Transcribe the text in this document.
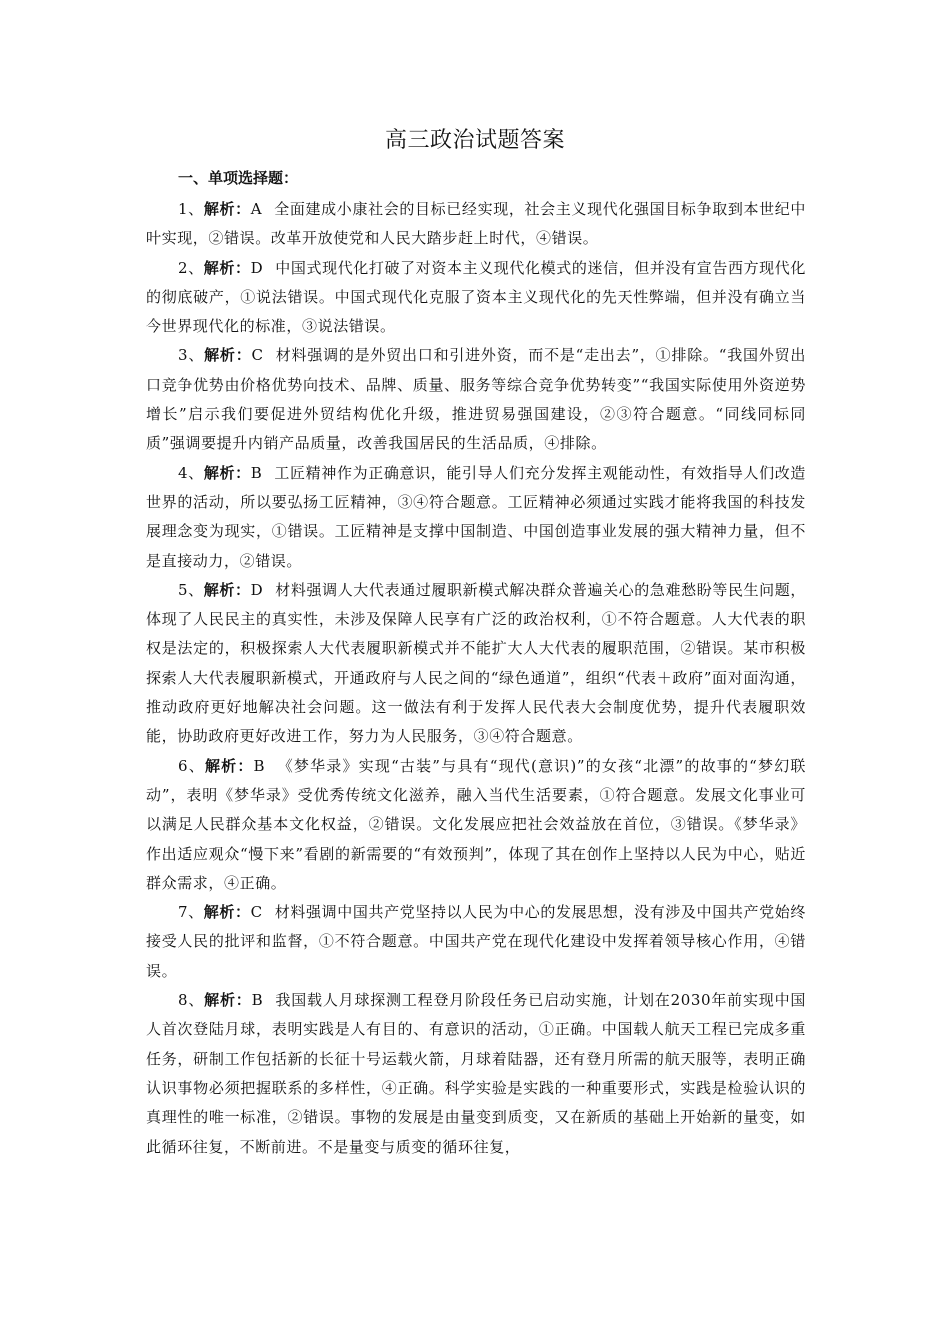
高三政治试题答案
一、单项选择题：

1、解析：A 全面建成小康社会的目标已经实现，社会主义现代化强国目标争取到本世纪中叶实现，②错误。改革开放使党和人民大踏步赶上时代，④错误。

2、解析：D 中国式现代化打破了对资本主义现代化模式的迷信，但并没有宣告西方现代化的彻底破产，①说法错误。中国式现代化克服了资本主义现代化的先天性弊端，但并没有确立当今世界现代化的标准，③说法错误。

3、解析：C 材料强调的是外贸出口和引进外资，而不是“走出去”，①排除。“我国外贸出口竞争优势由价格优势向技术、品牌、质量、服务等综合竞争优势转变”“我国实际使用外资逆势增长”启示我们要促进外贸结构优化升级，推进贸易强国建设，②③符合题意。“同线同标同质”强调要提升内销产品质量，改善我国居民的生活品质，④排除。

4、解析：B 工匠精神作为正确意识，能引导人们充分发挥主观能动性，有效指导人们改造世界的活动，所以要弘扬工匠精神，③④符合题意。工匠精神必须通过实践才能将我国的科技发展理念变为现实，①错误。工匠精神是支撑中国制造、中国创造事业发展的强大精神力量，但不是直接动力，②错误。

5、解析：D 材料强调人大代表通过履职新模式解决群众普遍关心的急难愁盼等民生问题，体现了人民民主的真实性，未涉及保障人民享有广泛的政治权利，①不符合题意。人大代表的职权是法定的，积极探索人大代表履职新模式并不能扩大人大代表的履职范围，②错误。某市积极探索人大代表履职新模式，开通政府与人民之间的“绿色通道”，组织“代表＋政府”面对面沟通，推动政府更好地解决社会问题。这一做法有利于发挥人民代表大会制度优势，提升代表履职效能，协助政府更好改进工作，努力为人民服务，③④符合题意。

6、解析：B 《梦华录》实现“古装”与具有“现代(意识)”的女孩“北漂”的故事的“梦幻联动”，表明《梦华录》受优秀传统文化滋养，融入当代生活要素，①符合题意。发展文化事业可以满足人民群众基本文化权益，②错误。文化发展应把社会效益放在首位，③错误。《梦华录》作出适应观众“慢下来”看剧的新需要的“有效预判”，体现了其在创作上坚持以人民为中心，贴近群众需求，④正确。

7、解析：C 材料强调中国共产党坚持以人民为中心的发展思想，没有涉及中国共产党始终接受人民的批评和监督，①不符合题意。中国共产党在现代化建设中发挥着领导核心作用，④错误。

8、解析：B 我国载人月球探测工程登月阶段任务已启动实施，计划在2030年前实现中国人首次登陆月球，表明实践是人有目的、有意识的活动，①正确。中国载人航天工程已完成多重任务，研制工作包括新的长征十号运载火箭，月球着陆器，还有登月所需的航天服等，表明正确认识事物必须把握联系的多样性，④正确。科学实验是实践的一种重要形式，实践是检验认识的真理性的唯一标准，②错误。事物的发展是由量变到质变，又在新质的基础上开始新的量变，如此循环往复，不断前进。不是量变与质变的循环往复，
